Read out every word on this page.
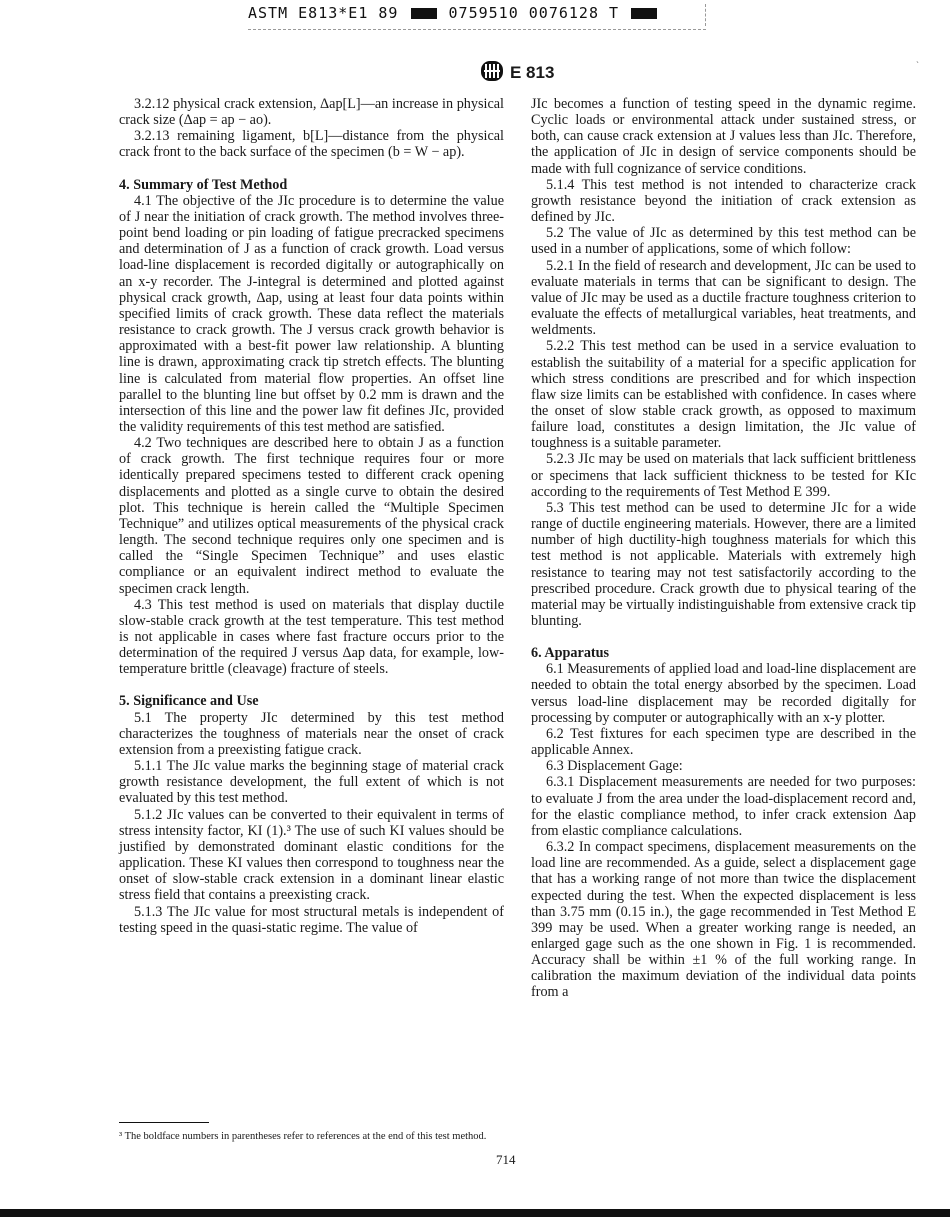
ASTM E813*E1 89	0759510 0076128 T
E 813	ˋ

3.2.12 physical crack extension, Δap[L]—an increase in physical crack size (Δap = ap − ao).

3.2.13 remaining ligament, b[L]—distance from the physical crack front to the back surface of the specimen (b = W − ap).

4. Summary of Test Method

4.1 The objective of the JIc procedure is to determine the value of J near the initiation of crack growth. The method involves three-point bend loading or pin loading of fatigue precracked specimens and determination of J as a function of crack growth. Load versus load-line displacement is recorded digitally or autographically on an x-y recorder. The J-integral is determined and plotted against physical crack growth, Δap, using at least four data points within specified limits of crack growth. These data reflect the materials resistance to crack growth. The J versus crack growth behavior is approximated with a best-fit power law relationship. A blunting line is drawn, approximating crack tip stretch effects. The blunting line is calculated from material flow properties. An offset line parallel to the blunting line but offset by 0.2 mm is drawn and the intersection of this line and the power law fit defines JIc, provided the validity requirements of this test method are satisfied.

4.2 Two techniques are described here to obtain J as a function of crack growth. The first technique requires four or more identically prepared specimens tested to different crack opening displacements and plotted as a single curve to obtain the desired plot. This technique is herein called the “Multiple Specimen Technique” and utilizes optical measurements of the physical crack length. The second technique requires only one specimen and is called the “Single Specimen Technique” and uses elastic compliance or an equivalent indirect method to evaluate the specimen crack length.

4.3 This test method is used on materials that display ductile slow-stable crack growth at the test temperature. This test method is not applicable in cases where fast fracture occurs prior to the determination of the required J versus Δap data, for example, low-temperature brittle (cleavage) fracture of steels.

5. Significance and Use

5.1 The property JIc determined by this test method characterizes the toughness of materials near the onset of crack extension from a preexisting fatigue crack.

5.1.1 The JIc value marks the beginning stage of material crack growth resistance development, the full extent of which is not evaluated by this test method.

5.1.2 JIc values can be converted to their equivalent in terms of stress intensity factor, KI (1).³ The use of such KI values should be justified by demonstrated dominant elastic conditions for the application. These KI values then correspond to toughness near the onset of slow-stable crack extension in a dominant linear elastic stress field that contains a preexisting crack.

5.1.3 The JIc value for most structural metals is independent of testing speed in the quasi-static regime. The value of

JIc becomes a function of testing speed in the dynamic regime. Cyclic loads or environmental attack under sustained stress, or both, can cause crack extension at J values less than JIc. Therefore, the application of JIc in design of service components should be made with full cognizance of service conditions.

5.1.4 This test method is not intended to characterize crack growth resistance beyond the initiation of crack extension as defined by JIc.

5.2 The value of JIc as determined by this test method can be used in a number of applications, some of which follow:

5.2.1 In the field of research and development, JIc can be used to evaluate materials in terms that can be significant to design. The value of JIc may be used as a ductile fracture toughness criterion to evaluate the effects of metallurgical variables, heat treatments, and weldments.

5.2.2 This test method can be used in a service evaluation to establish the suitability of a material for a specific application for which stress conditions are prescribed and for which inspection flaw size limits can be established with confidence. In cases where the onset of slow stable crack growth, as opposed to maximum failure load, constitutes a design limitation, the JIc value of toughness is a suitable parameter.

5.2.3 JIc may be used on materials that lack sufficient brittleness or specimens that lack sufficient thickness to be tested for KIc according to the requirements of Test Method E 399.

5.3 This test method can be used to determine JIc for a wide range of ductile engineering materials. However, there are a limited number of high ductility-high toughness materials for which this test method is not applicable. Materials with extremely high resistance to tearing may not test satisfactorily according to the prescribed procedure. Crack growth due to physical tearing of the material may be virtually indistinguishable from extensive crack tip blunting.

6. Apparatus

6.1 Measurements of applied load and load-line displacement are needed to obtain the total energy absorbed by the specimen. Load versus load-line displacement may be recorded digitally for processing by computer or autographically with an x-y plotter.

6.2 Test fixtures for each specimen type are described in the applicable Annex.

6.3 Displacement Gage:

6.3.1 Displacement measurements are needed for two purposes: to evaluate J from the area under the load-displacement record and, for the elastic compliance method, to infer crack extension Δap from elastic compliance calculations.

6.3.2 In compact specimens, displacement measurements on the load line are recommended. As a guide, select a displacement gage that has a working range of not more than twice the displacement expected during the test. When the expected displacement is less than 3.75 mm (0.15 in.), the gage recommended in Test Method E 399 may be used. When a greater working range is needed, an enlarged gage such as the one shown in Fig. 1 is recommended. Accuracy shall be within ±1 % of the full working range. In calibration the maximum deviation of the individual data points from a

³ The boldface numbers in parentheses refer to references at the end of this test method.
714
